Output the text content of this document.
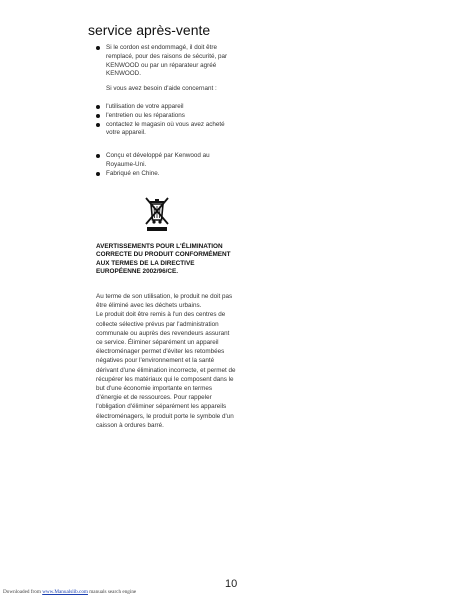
service après-vente
Si le cordon est endommagé, il doit être remplacé, pour des raisons de sécurité, par KENWOOD ou par un réparateur agréé KENWOOD.
Si vous avez besoin d'aide concernant :
l'utilisation de votre appareil
l'entretien ou les réparations
contactez le magasin où vous avez acheté votre appareil.
Conçu et développé par Kenwood au Royaume-Uni.
Fabriqué en Chine.
AVERTISSEMENTS POUR L'ÉLIMINATION CORRECTE DU PRODUIT CONFORMÉMENT AUX TERMES DE LA DIRECTIVE EUROPÉENNE 2002/96/CE.
Au terme de son utilisation, le produit ne doit pas être éliminé avec les déchets urbains.
Le produit doit être remis à l'un des centres de collecte sélective prévus par l'administration communale ou auprès des revendeurs assurant ce service. Éliminer séparément un appareil électroménager permet d'éviter les retombées négatives pour l'environnement et la santé dérivant d'une élimination incorrecte, et permet de récupérer les matériaux qui le composent dans le but d'une économie importante en termes d'énergie et de ressources. Pour rappeler l'obligation d'éliminer séparément les appareils électroménagers, le produit porte le symbole d'un caisson à ordures barré.
10
Downloaded from www.Manualslib.com manuals search engine
